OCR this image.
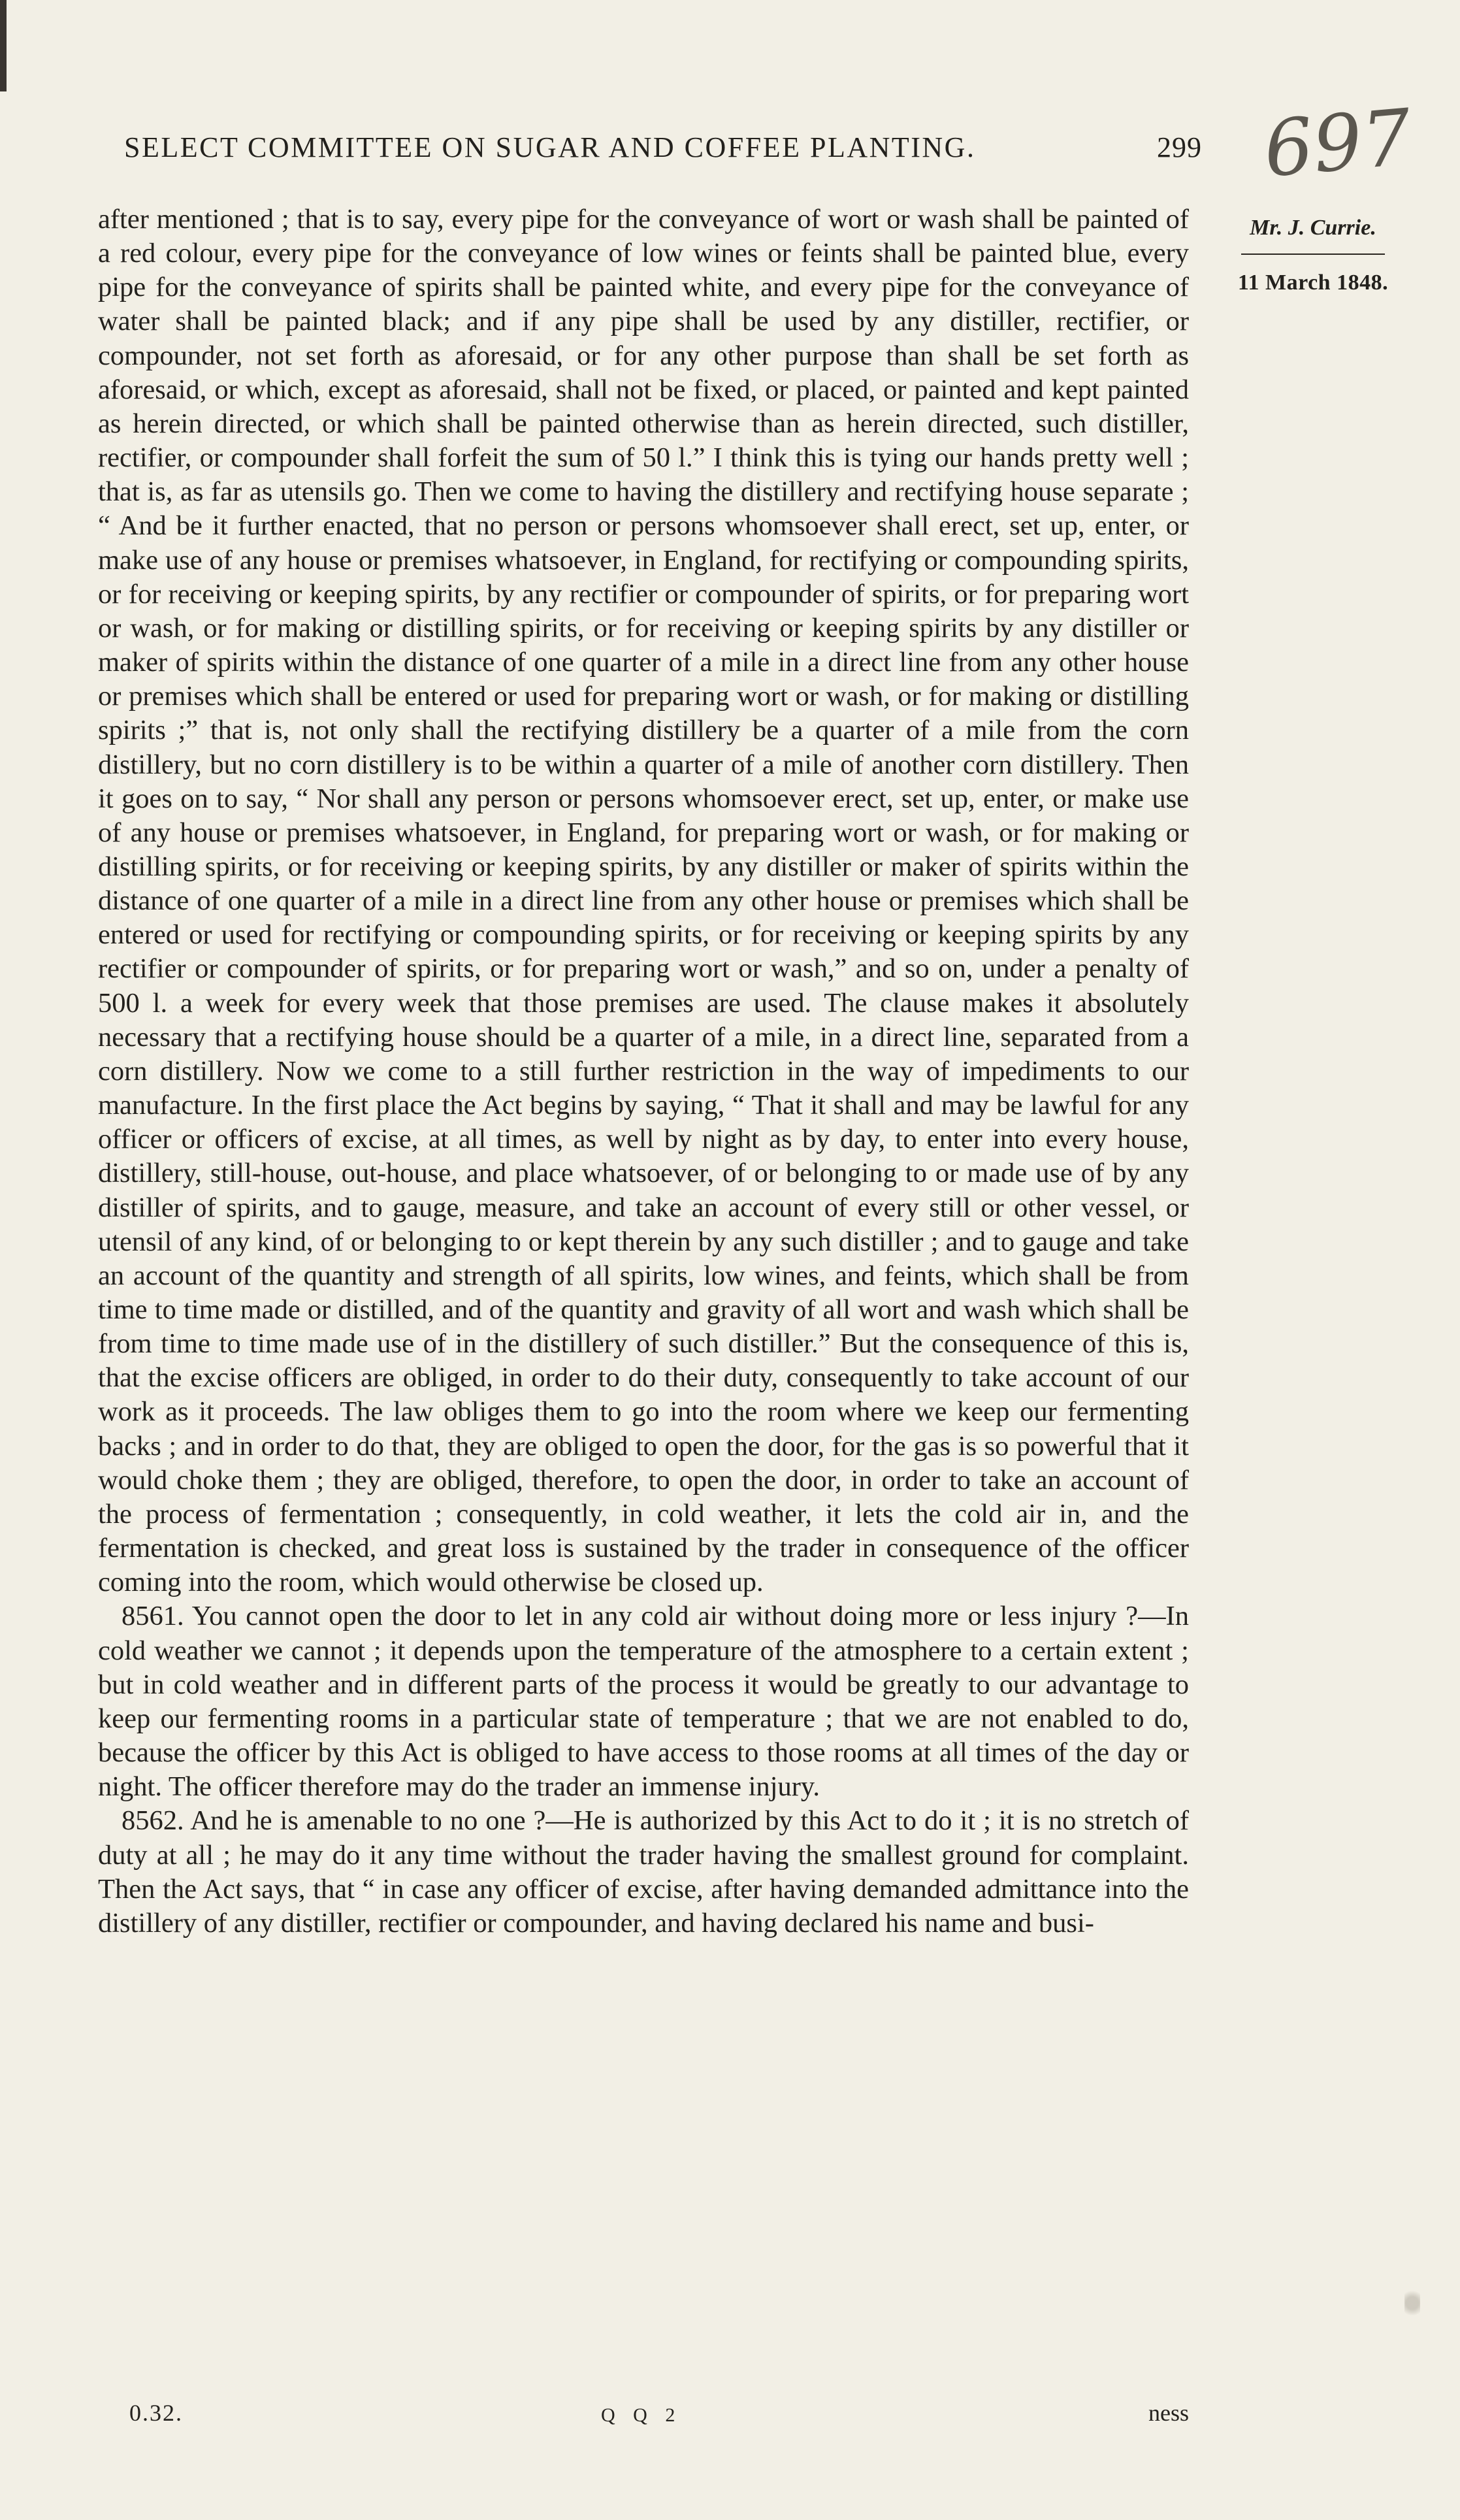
SELECT COMMITTEE ON SUGAR AND COFFEE PLANTING.	299 697
Mr. J. Currie.
11 March 1848.

after mentioned ; that is to say, every pipe for the conveyance of wort or wash shall be painted of a red colour, every pipe for the conveyance of low wines or feints shall be painted blue, every pipe for the conveyance of spirits shall be painted white, and every pipe for the conveyance of water shall be painted black; and if any pipe shall be used by any distiller, rectifier, or compounder, not set forth as aforesaid, or for any other purpose than shall be set forth as aforesaid, or which, except as aforesaid, shall not be fixed, or placed, or painted and kept painted as herein directed, or which shall be painted otherwise than as herein directed, such distiller, rectifier, or compounder shall forfeit the sum of 50 l.” I think this is tying our hands pretty well ; that is, as far as utensils go. Then we come to having the distillery and rectifying house separate ; “ And be it further enacted, that no person or persons whomsoever shall erect, set up, enter, or make use of any house or premises whatsoever, in England, for rectifying or compounding spirits, or for receiving or keeping spirits, by any rectifier or compounder of spirits, or for preparing wort or wash, or for making or distilling spirits, or for receiving or keeping spirits by any distiller or maker of spirits within the distance of one quarter of a mile in a direct line from any other house or premises which shall be entered or used for preparing wort or wash, or for making or distilling spirits ;” that is, not only shall the rectifying distillery be a quarter of a mile from the corn distillery, but no corn distillery is to be within a quarter of a mile of another corn distillery. Then it goes on to say, “ Nor shall any person or persons whomsoever erect, set up, enter, or make use of any house or premises whatsoever, in England, for preparing wort or wash, or for making or distilling spirits, or for receiving or keeping spirits, by any distiller or maker of spirits within the distance of one quarter of a mile in a direct line from any other house or premises which shall be entered or used for rectifying or compounding spirits, or for receiving or keeping spirits by any rectifier or compounder of spirits, or for preparing wort or wash,” and so on, under a penalty of 500 l. a week for every week that those premises are used. The clause makes it absolutely necessary that a rectifying house should be a quarter of a mile, in a direct line, separated from a corn distillery. Now we come to a still further restriction in the way of impediments to our manufacture. In the first place the Act begins by saying, “ That it shall and may be lawful for any officer or officers of excise, at all times, as well by night as by day, to enter into every house, distillery, still-house, out-house, and place whatsoever, of or belonging to or made use of by any distiller of spirits, and to gauge, measure, and take an account of every still or other vessel, or utensil of any kind, of or belonging to or kept therein by any such distiller ; and to gauge and take an account of the quantity and strength of all spirits, low wines, and feints, which shall be from time to time made or distilled, and of the quantity and gravity of all wort and wash which shall be from time to time made use of in the distillery of such distiller.” But the consequence of this is, that the excise officers are obliged, in order to do their duty, consequently to take account of our work as it proceeds. The law obliges them to go into the room where we keep our fermenting backs ; and in order to do that, they are obliged to open the door, for the gas is so powerful that it would choke them ; they are obliged, therefore, to open the door, in order to take an account of the process of fermentation ; consequently, in cold weather, it lets the cold air in, and the fermentation is checked, and great loss is sustained by the trader in consequence of the officer coming into the room, which would otherwise be closed up.

8561. You cannot open the door to let in any cold air without doing more or less injury ?—In cold weather we cannot ; it depends upon the temperature of the atmosphere to a certain extent ; but in cold weather and in different parts of the process it would be greatly to our advantage to keep our fermenting rooms in a particular state of temperature ; that we are not enabled to do, because the officer by this Act is obliged to have access to those rooms at all times of the day or night. The officer therefore may do the trader an immense injury.

8562. And he is amenable to no one ?—He is authorized by this Act to do it ; it is no stretch of duty at all ; he may do it any time without the trader having the smallest ground for complaint. Then the Act says, that “ in case any officer of excise, after having demanded admittance into the distillery of any distiller, rectifier or compounder, and having declared his name and busi-

0.32.	Q Q 2	ness
